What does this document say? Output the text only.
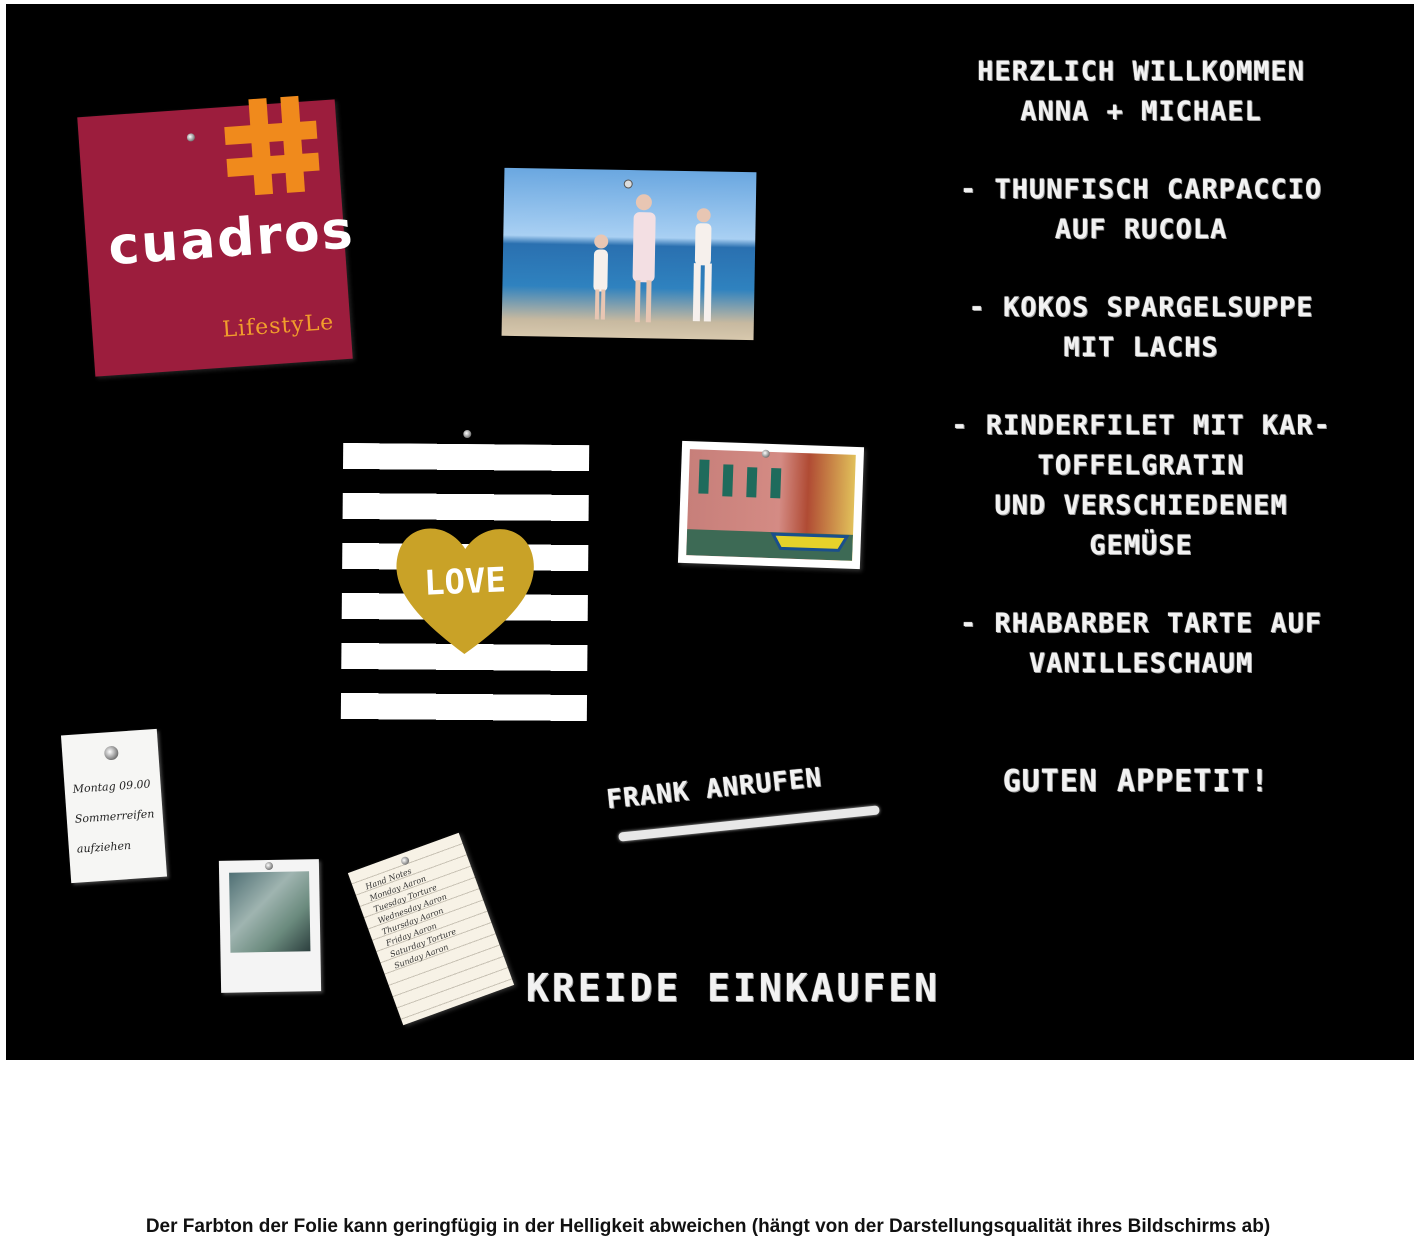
cuadros
LifestyLe
LOVE
Montag 09.00
Sommerreifen
aufziehen
Hand Notes
Monday Aaron
Tuesday Torture
Wednesday Aaron
Thursday Aaron
Friday Aaron
Saturday Torture
Sunday Aaron
HERZLICH WILLKOMMEN
ANNA + MICHAEL
- THUNFISCH CARPACCIO
AUF RUCOLA
- KOKOS SPARGELSUPPE
MIT LACHS
- RINDERFILET MIT KAR-
TOFFELGRATIN
UND VERSCHIEDENEM
GEMÜSE
- RHABARBER TARTE AUF
VANILLESCHAUM
GUTEN APPETIT!
FRANK ANRUFEN
KREIDE EINKAUFEN
Der Farbton der Folie kann geringfügig in der Helligkeit abweichen (hängt von der Darstellungsqualität ihres Bildschirms ab)
